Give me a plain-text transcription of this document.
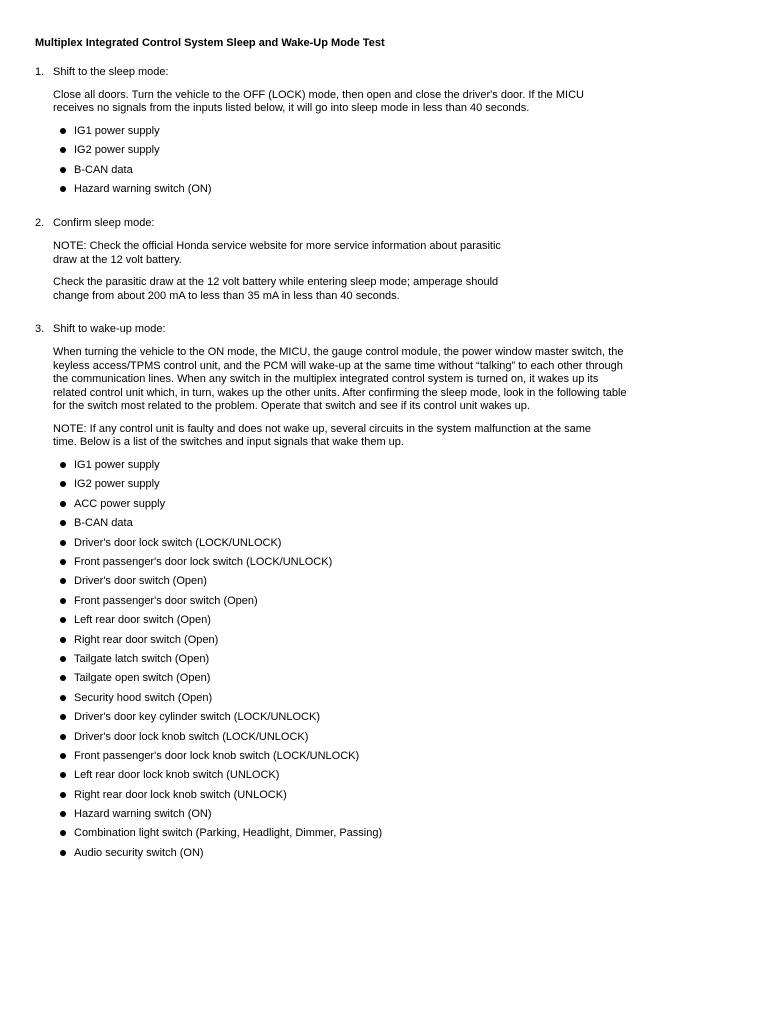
Multiplex Integrated Control System Sleep and Wake-Up Mode Test
1. Shift to the sleep mode:

Close all doors. Turn the vehicle to the OFF (LOCK) mode, then open and close the driver's door. If the MICU receives no signals from the inputs listed below, it will go into sleep mode in less than 40 seconds.

IG1 power supply
IG2 power supply
B-CAN data
Hazard warning switch (ON)
2. Confirm sleep mode:

NOTE: Check the official Honda service website for more service information about parasitic draw at the 12 volt battery.

Check the parasitic draw at the 12 volt battery while entering sleep mode; amperage should change from about 200 mA to less than 35 mA in less than 40 seconds.

3. Shift to wake-up mode:

When turning the vehicle to the ON mode, the MICU, the gauge control module, the power window master switch, the keyless access/TPMS control unit, and the PCM will wake-up at the same time without “talking” to each other through the communication lines. When any switch in the multiplex integrated control system is turned on, it wakes up its related control unit which, in turn, wakes up the other units. After confirming the sleep mode, look in the following table for the switch most related to the problem. Operate that switch and see if its control unit wakes up.

NOTE: If any control unit is faulty and does not wake up, several circuits in the system malfunction at the same time. Below is a list of the switches and input signals that wake them up.

IG1 power supply
IG2 power supply
ACC power supply
B-CAN data
Driver's door lock switch (LOCK/UNLOCK)
Front passenger's door lock switch (LOCK/UNLOCK)
Driver's door switch (Open)
Front passenger's door switch (Open)
Left rear door switch (Open)
Right rear door switch (Open)
Tailgate latch switch (Open)
Tailgate open switch (Open)
Security hood switch (Open)
Driver's door key cylinder switch (LOCK/UNLOCK)
Driver's door lock knob switch (LOCK/UNLOCK)
Front passenger's door lock knob switch (LOCK/UNLOCK)
Left rear door lock knob switch (UNLOCK)
Right rear door lock knob switch (UNLOCK)
Hazard warning switch (ON)
Combination light switch (Parking, Headlight, Dimmer, Passing)
Audio security switch (ON)
